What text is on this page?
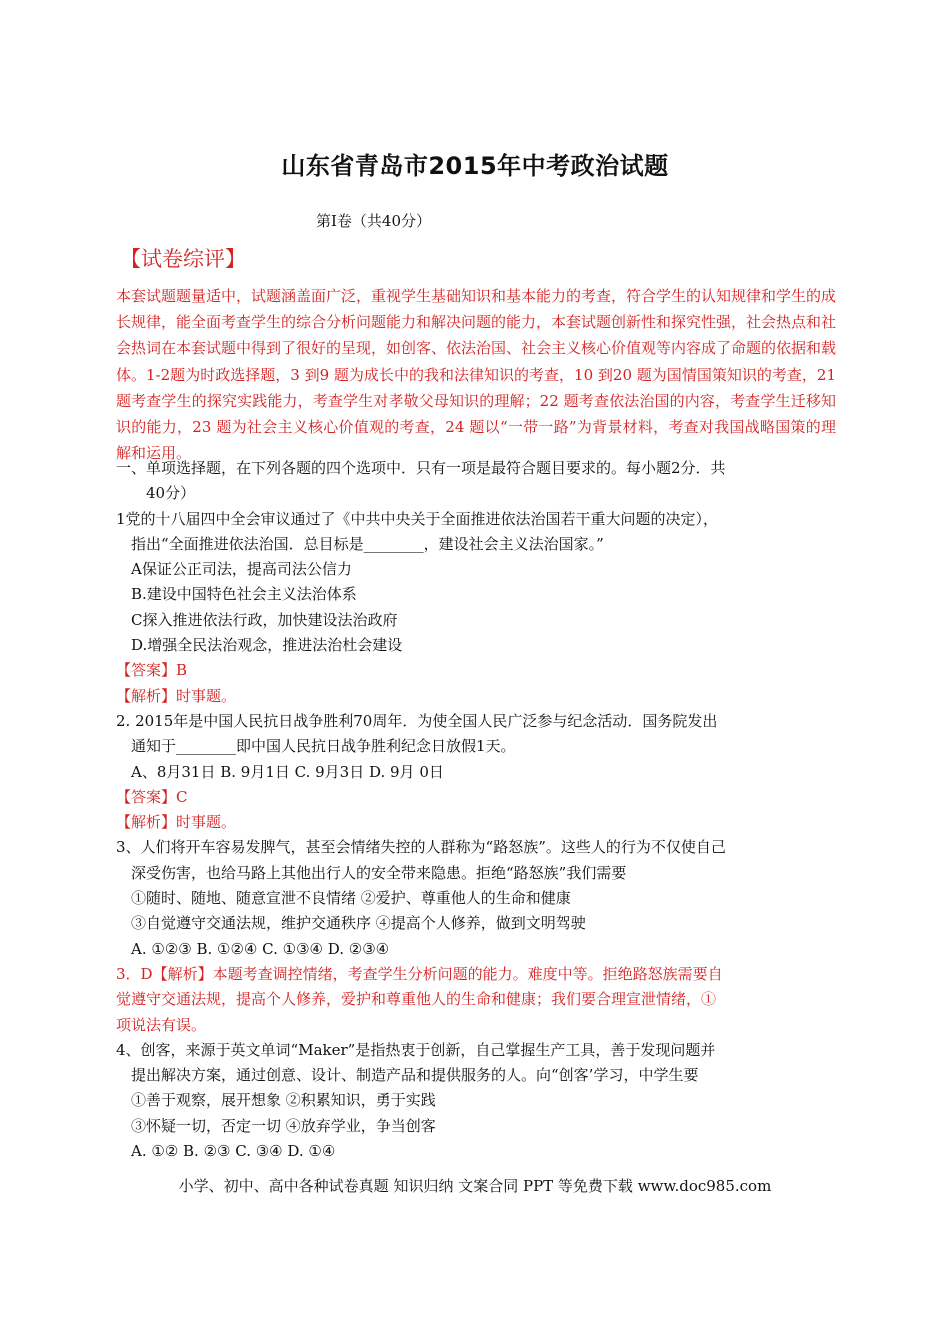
山东省青岛市2015年中考政治试题
第I卷（共40分）
【试卷综评】
本套试题题量适中，试题涵盖面广泛，重视学生基础知识和基本能力的考查，符合学生的认知规律和学生的成长规律，能全面考查学生的综合分析问题能力和解决问题的能力，本套试题创新性和探究性强，社会热点和社会热词在本套试题中得到了很好的呈现，如创客、依法治国、社会主义核心价值观等内容成了命题的依据和载体。1-2题为时政选择题，3 到9 题为成长中的我和法律知识的考查，10 到20 题为国情国策知识的考查，21 题考查学生的探究实践能力，考查学生对孝敬父母知识的理解；22 题考查依法治国的内容，考查学生迁移知识的能力，23 题为社会主义核心价值观的考查，24 题以“一带一路”为背景材料，考查对我国战略国策的理解和运用。
一、单项选择题，在下列各题的四个选项中．只有一项是最符合题目要求的。每小题2分．共
40分）
1党的十八届四中全会审议通过了《中共中央关于全面推进依法治国若干重大问题的决定），
指出“全面推进依法治国．总目标是________，建设社会主义法治国家。”
A保证公正司法，提高司法公信力
B.建设中国特色社会主义法治体系
C探入推进依法行政，加快建设法治政府
D.增强全民法治观念，推进法治杜会建设
【答案】B
【解析】时事题。
2. 2015年是中国人民抗日战争胜利70周年．为使全国人民广泛参与纪念活动．国务院发出
通知于________即中国人民抗日战争胜利纪念日放假1天。
A、8月31日 B. 9月1日 C. 9月3日 D. 9月 0日
【答案】C
【解析】时事题。
3、人们将开车容易发脾气，甚至会情绪失控的人群称为“路怒族”。这些人的行为不仅使自己
深受伤害，也给马路上其他出行人的安全带来隐患。拒绝“路怒族”我们需要
①随时、随地、随意宣泄不良情绪 ②爱护、尊重他人的生命和健康
③自觉遵守交通法规，维护交通秩序 ④提高个人修养，做到文明驾驶
A. ①②③ B. ①②④ C. ①③④ D. ②③④
3．D【解析】本题考查调控情绪，考查学生分析问题的能力。难度中等。拒绝路怒族需要自
觉遵守交通法规，提高个人修养，爱护和尊重他人的生命和健康；我们要合理宣泄情绪，①
项说法有误。
4、创客，来源于英文单词“Maker”是指热衷于创新，自己掌握生产工具，善于发现问题并
提出解决方案，通过创意、设计、制造产品和提供服务的人。向“创客’学习，中学生要
①善于观察，展开想象 ②积累知识，勇于实践
③怀疑一切，否定一切 ④放弃学业，争当创客
A. ①② B. ②③ C. ③④ D. ①④
小学、初中、高中各种试卷真题 知识归纳 文案合同 PPT 等免费下载 www.doc985.com
